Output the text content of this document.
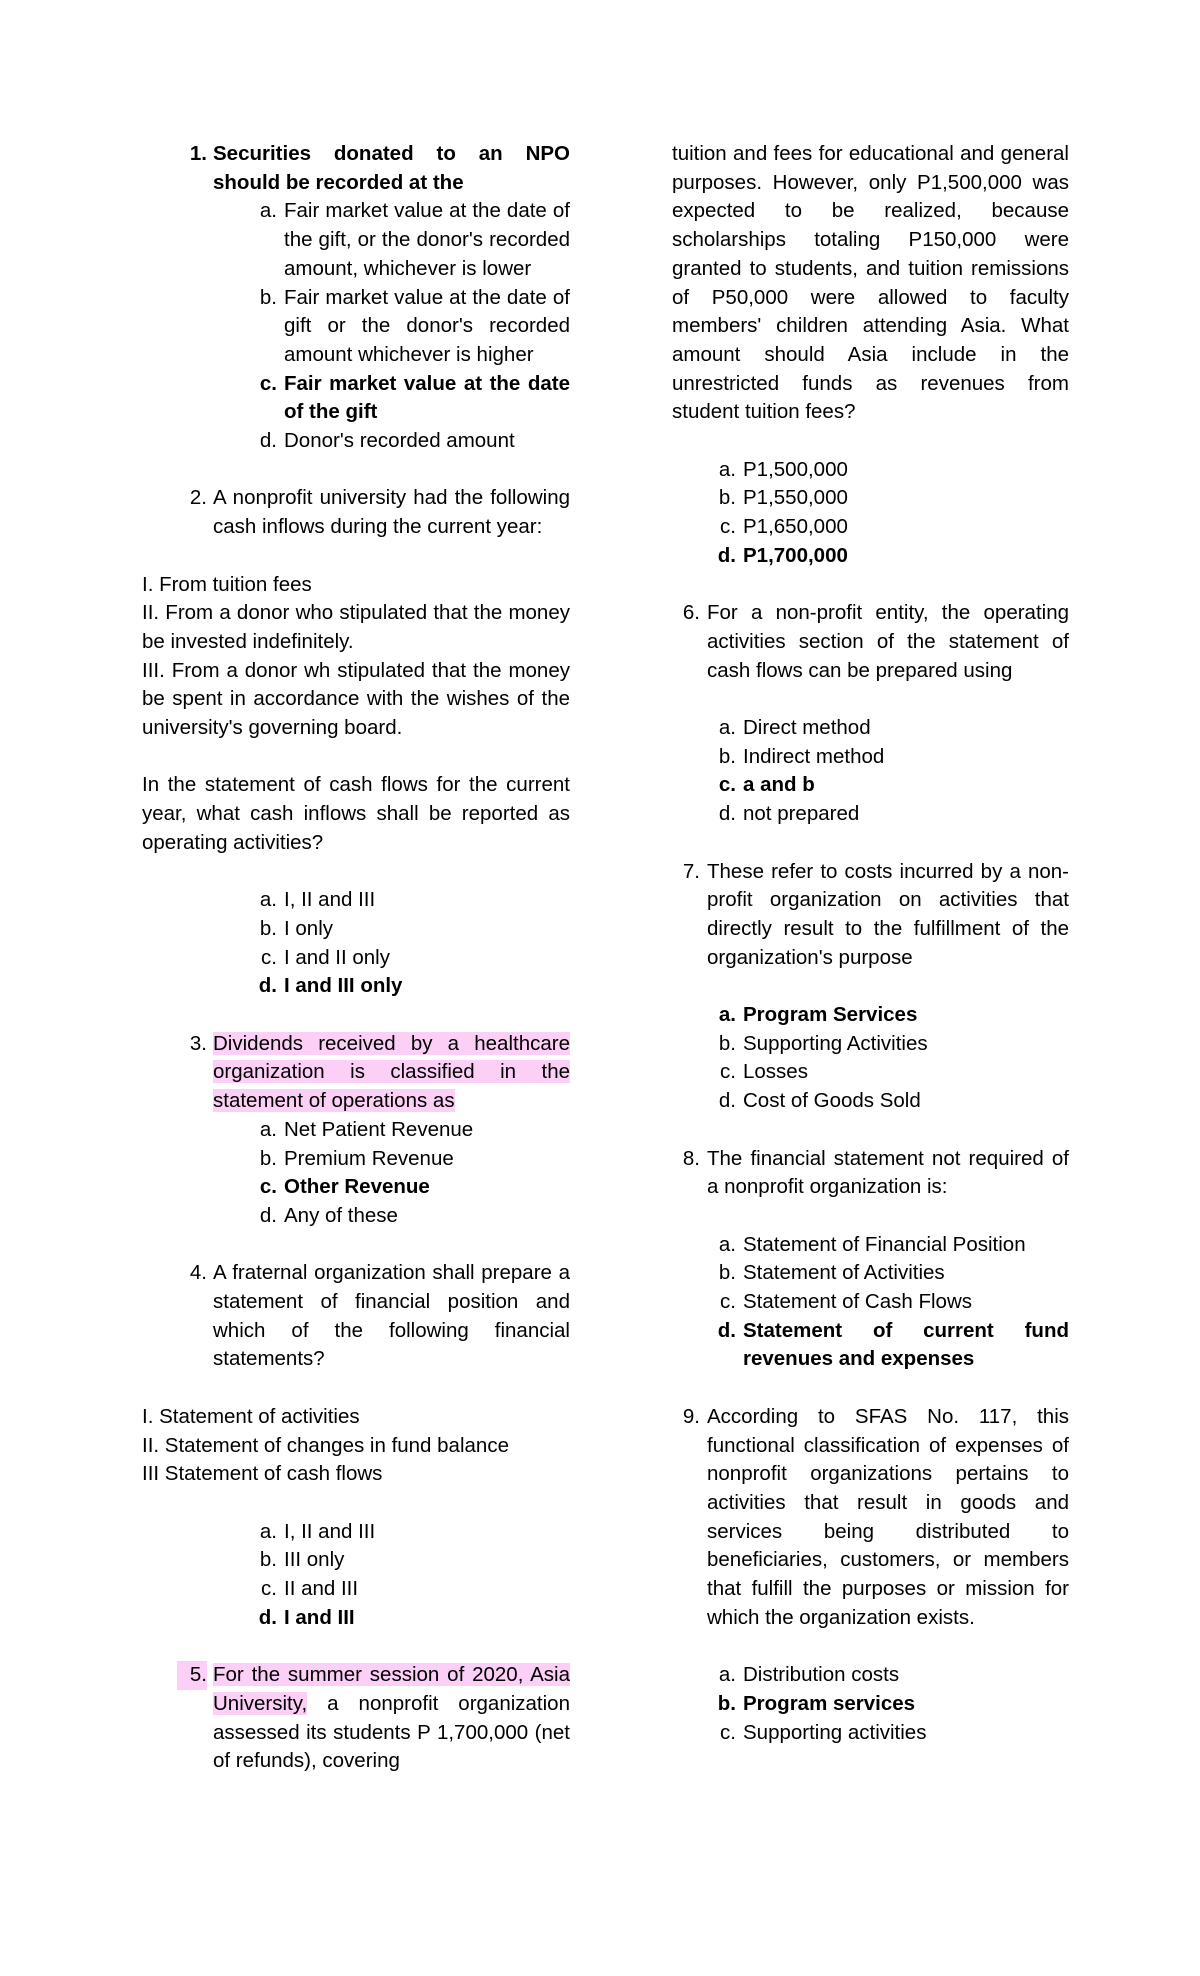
1. Securities donated to an NPO should be recorded at the
a. Fair market value at the date of the gift, or the donor's recorded amount, whichever is lower
b. Fair market value at the date of gift or the donor's recorded amount whichever is higher
c. Fair market value at the date of the gift
d. Donor's recorded amount
2. A nonprofit university had the following cash inflows during the current year:

I. From tuition fees

II. From a donor who stipulated that the money be invested indefinitely.

III. From a donor wh stipulated that the money be spent in accordance with the wishes of the university's governing board.

In the statement of cash flows for the current year, what cash inflows shall be reported as operating activities?

a. I, II and III
b. I only
c. I and II only
d. I and III only
3. Dividends received by a healthcare organization is classified in the statement of operations as
a. Net Patient Revenue
b. Premium Revenue
c. Other Revenue
d. Any of these
4. A fraternal organization shall prepare a statement of financial position and which of the following financial statements?

I. Statement of activities

II. Statement of changes in fund balance

III Statement of cash flows

a. I, II and III
b. III only
c. II and III
d. I and III
5. For the summer session of 2020, Asia University, a nonprofit organization assessed its students P 1,700,000 (net of refunds), covering

tuition and fees for educational and general purposes. However, only P1,500,000 was expected to be realized, because scholarships totaling P150,000 were granted to students, and tuition remissions of P50,000 were allowed to faculty members' children attending Asia. What amount should Asia include in the unrestricted funds as revenues from student tuition fees?

a. P1,500,000
b. P1,550,000
c. P1,650,000
d. P1,700,000
6. For a non-profit entity, the operating activities section of the statement of cash flows can be prepared using
a. Direct method
b. Indirect method
c. a and b
d. not prepared
7. These refer to costs incurred by a non-profit organization on activities that directly result to the fulfillment of the organization's purpose
a. Program Services
b. Supporting Activities
c. Losses
d. Cost of Goods Sold
8. The financial statement not required of a nonprofit organization is:
a. Statement of Financial Position
b. Statement of Activities
c. Statement of Cash Flows
d. Statement of current fund revenues and expenses
9. According to SFAS No. 117, this functional classification of expenses of nonprofit organizations pertains to activities that result in goods and services being distributed to beneficiaries, customers, or members that fulfill the purposes or mission for which the organization exists.
a. Distribution costs
b. Program services
c. Supporting activities
